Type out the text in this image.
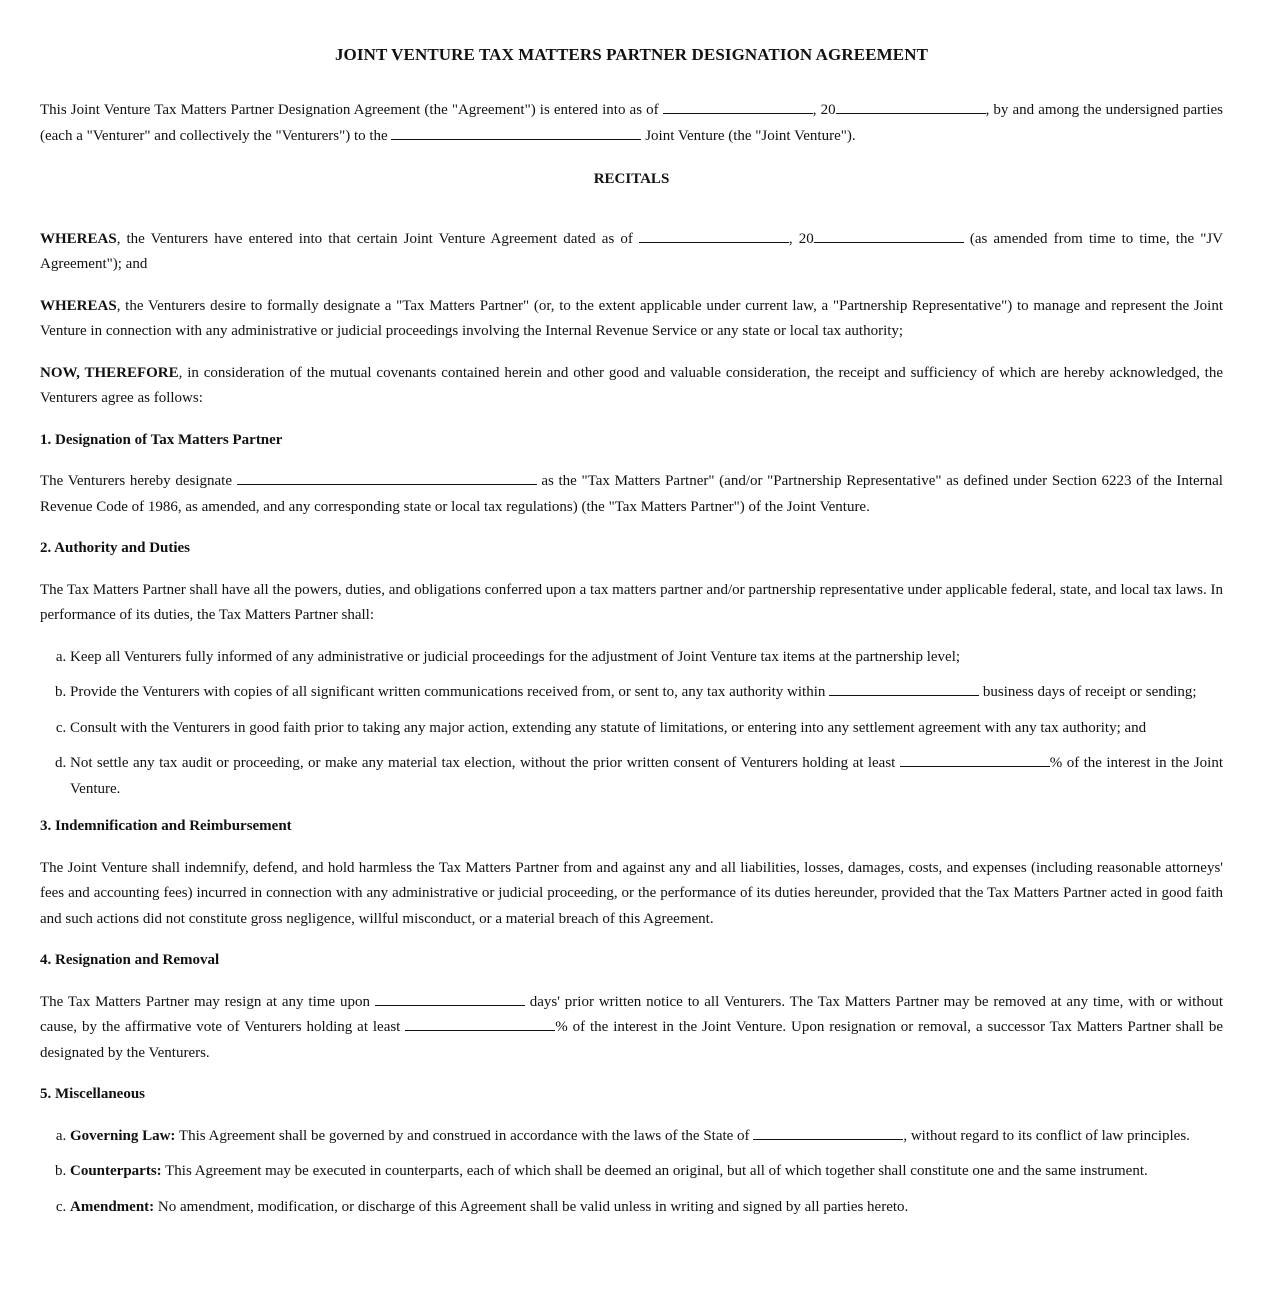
JOINT VENTURE TAX MATTERS PARTNER DESIGNATION AGREEMENT

This Joint Venture Tax Matters Partner Designation Agreement (the "Agreement") is entered into as of	, 20	, by and among the undersigned parties (each a "Venturer" and collectively the "Venturers") to the	Joint Venture (the "Joint Venture").

RECITALS

WHEREAS, the Venturers have entered into that certain Joint Venture Agreement dated as of	, 20	(as amended from time to time, the "JV Agreement"); and

WHEREAS, the Venturers desire to formally designate a "Tax Matters Partner" (or, to the extent applicable under current law, a "Partnership Representative") to manage and represent the Joint Venture in connection with any administrative or judicial proceedings involving the Internal Revenue Service or any state or local tax authority;

NOW, THEREFORE, in consideration of the mutual covenants contained herein and other good and valuable consideration, the receipt and sufficiency of which are hereby acknowledged, the Venturers agree as follows:

1. Designation of Tax Matters Partner

The Venturers hereby designate	as the "Tax Matters Partner" (and/or "Partnership Representative" as defined under Section 6223 of the Internal Revenue Code of 1986, as amended, and any corresponding state or local tax regulations) (the "Tax Matters Partner") of the Joint Venture.

2. Authority and Duties

The Tax Matters Partner shall have all the powers, duties, and obligations conferred upon a tax matters partner and/or partnership representative under applicable federal, state, and local tax laws. In performance of its duties, the Tax Matters Partner shall:

a. Keep all Venturers fully informed of any administrative or judicial proceedings for the adjustment of Joint Venture tax items at the partnership level;
b. Provide the Venturers with copies of all significant written communications received from, or sent to, any tax authority within	business days of receipt or sending;
c. Consult with the Venturers in good faith prior to taking any major action, extending any statute of limitations, or entering into any settlement agreement with any tax authority; and
d. Not settle any tax audit or proceeding, or make any material tax election, without the prior written consent of Venturers holding at least	% of the interest in the Joint Venture.
3. Indemnification and Reimbursement

The Joint Venture shall indemnify, defend, and hold harmless the Tax Matters Partner from and against any and all liabilities, losses, damages, costs, and expenses (including reasonable attorneys' fees and accounting fees) incurred in connection with any administrative or judicial proceeding, or the performance of its duties hereunder, provided that the Tax Matters Partner acted in good faith and such actions did not constitute gross negligence, willful misconduct, or a material breach of this Agreement.

4. Resignation and Removal

The Tax Matters Partner may resign at any time upon	days' prior written notice to all Venturers. The Tax Matters Partner may be removed at any time, with or without cause, by the affirmative vote of Venturers holding at least	% of the interest in the Joint Venture. Upon resignation or removal, a successor Tax Matters Partner shall be designated by the Venturers.

5. Miscellaneous
a. Governing Law: This Agreement shall be governed by and construed in accordance with the laws of the State of	, without regard to its conflict of law principles.
b. Counterparts: This Agreement may be executed in counterparts, each of which shall be deemed an original, but all of which together shall constitute one and the same instrument.
c. Amendment: No amendment, modification, or discharge of this Agreement shall be valid unless in writing and signed by all parties hereto.
